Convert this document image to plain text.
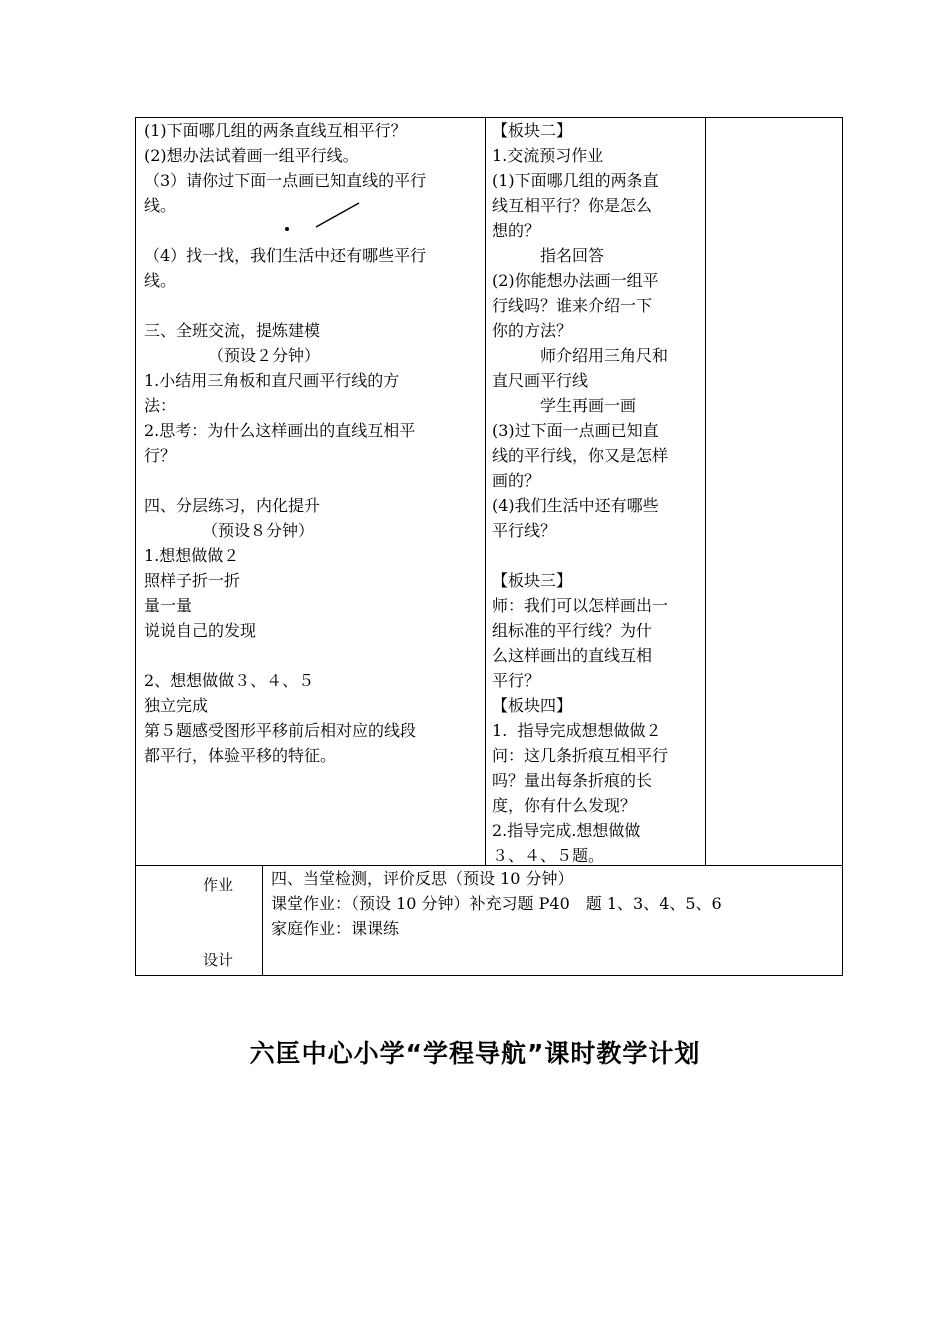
(1)下面哪几组的两条直线互相平行？
(2)想办法试着画一组平行线。
（3）请你过下面一点画已知直线的平行
线。
（4）找一找，我们生活中还有哪些平行
线。
三、全班交流，提炼建模
（预设２分钟）
1.小结用三角板和直尺画平行线的方
法：
2.思考：为什么这样画出的直线互相平
行？
四、分层练习，内化提升
（预设８分钟）
1.想想做做２
照样子折一折
量一量
说说自己的发现
2、想想做做３、４、５
独立完成
第５题感受图形平移前后相对应的线段
都平行，体验平移的特征。
【板块二】
1.交流预习作业
(1)下面哪几组的两条直
线互相平行？你是怎么
想的？
指名回答
(2)你能想办法画一组平
行线吗？谁来介绍一下
你的方法？
师介绍用三角尺和
直尺画平行线
学生再画一画
(3)过下面一点画已知直
线的平行线，你又是怎样
画的？
(4)我们生活中还有哪些
平行线？
【板块三】
师：我们可以怎样画出一
组标准的平行线？为什
么这样画出的直线互相
平行？
【板块四】
1.  指导完成想想做做２
问：这几条折痕互相平行
吗？量出每条折痕的长
度，你有什么发现？
2.指导完成.想想做做
３、４、５题。
作业
设计
四、当堂检测，评价反思（预设 10 分钟）
课堂作业：（预设 10 分钟）补充习题 P40　题 1、3、4、5、6
家庭作业：课课练
六匡中心小学“学程导航”课时教学计划
